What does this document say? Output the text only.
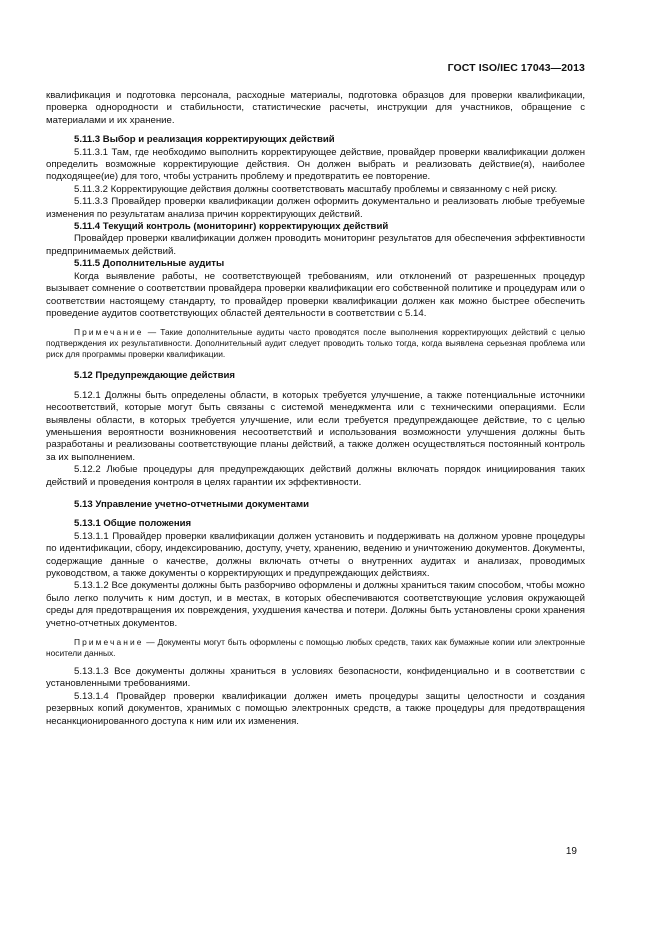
ГОСТ ISO/IEC 17043—2013

квалификация и подготовка персонала, расходные материалы, подготовка образцов для проверки квалификации, проверка однородности и стабильности, статистические расчеты, инструкции для участников, обращение с материалами и их хранение.

5.11.3 Выбор и реализация корректирующих действий

5.11.3.1 Там, где необходимо выполнить корректирующее действие, провайдер проверки квалификации должен определить возможные корректирующие действия. Он должен выбрать и реализовать действие(я), наиболее подходящее(ие) для того, чтобы устранить проблему и предотвратить ее повторение.

5.11.3.2 Корректирующие действия должны соответствовать масштабу проблемы и связанному с ней риску.

5.11.3.3 Провайдер проверки квалификации должен оформить документально и реализовать любые требуемые изменения по результатам анализа причин корректирующих действий.

5.11.4 Текущий контроль (мониторинг) корректирующих действий

Провайдер проверки квалификации должен проводить мониторинг результатов для обеспечения эффективности предпринимаемых действий.

5.11.5 Дополнительные аудиты

Когда выявление работы, не соответствующей требованиям, или отклонений от разрешенных процедур вызывает сомнение о соответствии провайдера проверки квалификации его собственной политике и процедурам или о соответствии настоящему стандарту, то провайдер проверки квалификации должен как можно быстрее обеспечить проведение аудитов соответствующих областей деятельности в соответствии с 5.14.

Примечание — Такие дополнительные аудиты часто проводятся после выполнения корректирующих действий с целью подтверждения их результативности. Дополнительный аудит следует проводить только тогда, когда выявлена серьезная проблема или риск для программы проверки квалификации.

5.12 Предупреждающие действия

5.12.1 Должны быть определены области, в которых требуется улучшение, а также потенциальные источники несоответствий, которые могут быть связаны с системой менеджмента или с техническими операциями. Если выявлены области, в которых требуется улучшение, или если требуется предупреждающее действие, то с целью уменьшения вероятности возникновения несоответствий и использования возможности улучшения должны быть разработаны и реализованы соответствующие планы действий, а также должен осуществляться постоянный контроль за их выполнением.

5.12.2 Любые процедуры для предупреждающих действий должны включать порядок инициирования таких действий и проведения контроля в целях гарантии их эффективности.

5.13 Управление учетно-отчетными документами

5.13.1 Общие положения

5.13.1.1 Провайдер проверки квалификации должен установить и поддерживать на должном уровне процедуры по идентификации, сбору, индексированию, доступу, учету, хранению, ведению и уничтожению документов. Документы, содержащие данные о качестве, должны включать отчеты о внутренних аудитах и анализах, проводимых руководством, а также документы о корректирующих и предупреждающих действиях.

5.13.1.2 Все документы должны быть разборчиво оформлены и должны храниться таким способом, чтобы можно было легко получить к ним доступ, и в местах, в которых обеспечиваются соответствующие условия окружающей среды для предотвращения их повреждения, ухудшения качества и потери. Должны быть установлены сроки хранения учетно-отчетных документов.

Примечание — Документы могут быть оформлены с помощью любых средств, таких как бумажные копии или электронные носители данных.

5.13.1.3 Все документы должны храниться в условиях безопасности, конфиденциально и в соответствии с установленными требованиями.

5.13.1.4 Провайдер проверки квалификации должен иметь процедуры защиты целостности и создания резервных копий документов, хранимых с помощью электронных средств, а также процедуры для предотвращения несанкционированного доступа к ним или их изменения.

19
